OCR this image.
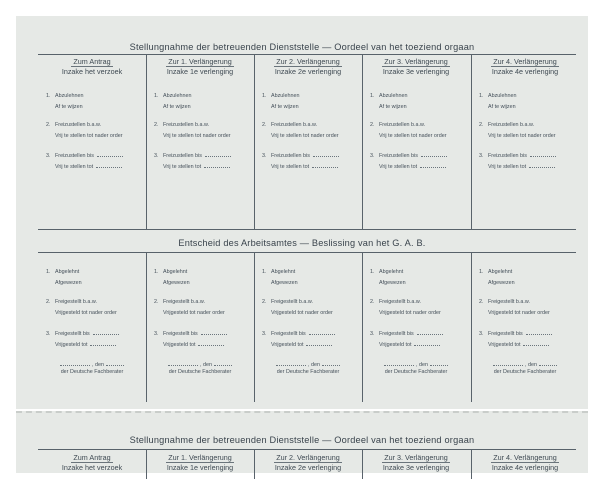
Stellungnahme der betreuenden Dienststelle — Oordeel van het toeziend orgaan
Zum Antrag
Inzake het verzoek
1. Abzulehnen
Af te wijzen
2. Freizustellen b.a.w.
Vrij te stellen tot nader order
3. Freizustellen bis
Vrij te stellen tot
Zur 1. Verlängerung
Inzake 1e verlenging
1. Abzulehnen
Af te wijzen
2. Freizustellen b.a.w.
Vrij te stellen tot nader order
3. Freizustellen bis
Vrij te stellen tot
Zur 2. Verlängerung
Inzake 2e verlenging
1. Abzulehnen
Af te wijzen
2. Freizustellen b.a.w.
Vrij te stellen tot nader order
3. Freizustellen bis
Vrij te stellen tot
Zur 3. Verlängerung
Inzake 3e verlenging
1. Abzulehnen
Af te wijzen
2. Freizustellen b.a.w.
Vrij te stellen tot nader order
3. Freizustellen bis
Vrij te stellen tot
Zur 4. Verlängerung
Inzake 4e verlenging
1. Abzulehnen
Af te wijzen
2. Freizustellen b.a.w.
Vrij te stellen tot nader order
3. Freizustellen bis
Vrij te stellen tot
Entscheid des Arbeitsamtes — Beslissing van het G. A. B.
1. Abgelehnt
Afgewezen
2. Freigestellt b.a.w.
Vrijgesteld tot nader order
3. Freigestellt bis
Vrijgesteld tot
, den
der Deutsche Fachberater
1. Abgelehnt
Afgewezen
2. Freigestellt b.a.w.
Vrijgesteld tot nader order
3. Freigestellt bis
Vrijgesteld tot
, den
der Deutsche Fachberater
1. Abgelehnt
Afgewezen
2. Freigestellt b.a.w.
Vrijgesteld tot nader order
3. Freigestellt bis
Vrijgesteld tot
, den
der Deutsche Fachberater
1. Abgelehnt
Afgewezen
2. Freigestellt b.a.w.
Vrijgesteld tot nader order
3. Freigestellt bis
Vrijgesteld tot
, den
der Deutsche Fachberater
1. Abgelehnt
Afgewezen
2. Freigestellt b.a.w.
Vrijgesteld tot nader order
3. Freigestellt bis
Vrijgesteld tot
, den
der Deutsche Fachberater
Stellungnahme der betreuenden Dienststelle — Oordeel van het toeziend orgaan
Zum Antrag
Inzake het verzoek
Zur 1. Verlängerung
Inzake 1e verlenging
Zur 2. Verlängerung
Inzake 2e verlenging
Zur 3. Verlängerung
Inzake 3e verlenging
Zur 4. Verlängerung
Inzake 4e verlenging
